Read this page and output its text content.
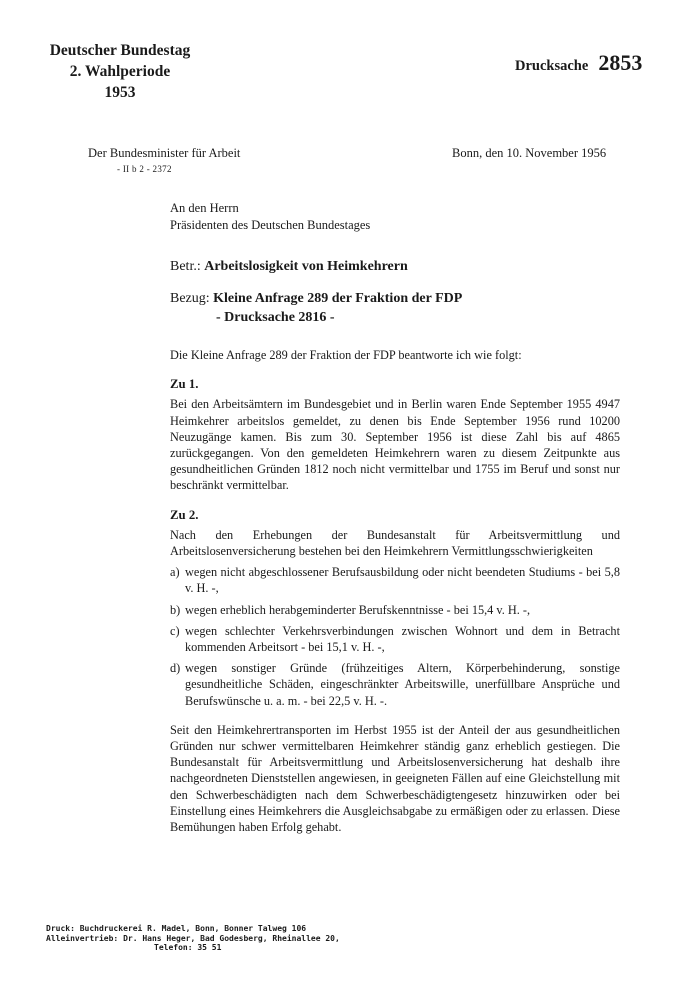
Deutscher Bundestag
2. Wahlperiode
1953
Drucksache 2853
Der Bundesminister für Arbeit
- II b 2 - 2372
Bonn, den 10. November 1956
An den Herrn
Präsidenten des Deutschen Bundestages
Betr.: Arbeitslosigkeit von Heimkehrern
Bezug: Kleine Anfrage 289 der Fraktion der FDP
- Drucksache 2816 -

Die Kleine Anfrage 289 der Fraktion der FDP beantworte ich wie folgt:

Zu 1.

Bei den Arbeitsämtern im Bundesgebiet und in Berlin waren Ende September 1955 4947 Heimkehrer arbeitslos gemeldet, zu denen bis Ende September 1956 rund 10200 Neuzugänge kamen. Bis zum 30. September 1956 ist diese Zahl bis auf 4865 zurückgegangen. Von den gemeldeten Heimkehrern waren zu diesem Zeitpunkte aus gesundheitlichen Gründen 1812 noch nicht vermittelbar und 1755 im Beruf und sonst nur beschränkt vermittelbar.

Zu 2.

Nach den Erhebungen der Bundesanstalt für Arbeitsvermittlung und Arbeitslosenversicherung bestehen bei den Heimkehrern Vermittlungsschwierigkeiten

a) wegen nicht abgeschlossener Berufsausbildung oder nicht beendeten Studiums - bei 5,8 v. H. -,
b) wegen erheblich herabgeminderter Berufskenntnisse - bei 15,4 v. H. -,
c) wegen schlechter Verkehrsverbindungen zwischen Wohnort und dem in Betracht kommenden Arbeitsort - bei 15,1 v. H. -,
d) wegen sonstiger Gründe (frühzeitiges Altern, Körperbehinderung, sonstige gesundheitliche Schäden, eingeschränkter Arbeitswille, unerfüllbare Ansprüche und Berufswünsche u. a. m. - bei 22,5 v. H. -.

Seit den Heimkehrertransporten im Herbst 1955 ist der Anteil der aus gesundheitlichen Gründen nur schwer vermittelbaren Heimkehrer ständig ganz erheblich gestiegen. Die Bundesanstalt für Arbeitsvermittlung und Arbeitslosenversicherung hat deshalb ihre nachgeordneten Dienststellen angewiesen, in geeigneten Fällen auf eine Gleichstellung mit den Schwerbeschädigten nach dem Schwerbeschädigtengesetz hinzuwirken oder bei Einstellung eines Heimkehrers die Ausgleichsabgabe zu ermäßigen oder zu erlassen. Diese Bemühungen haben Erfolg gehabt.

Druck: Buchdruckerei R. Madel, Bonn, Bonner Talweg 106
Alleinvertrieb: Dr. Hans Heger, Bad Godesberg, Rheinallee 20,
Telefon: 35 51
